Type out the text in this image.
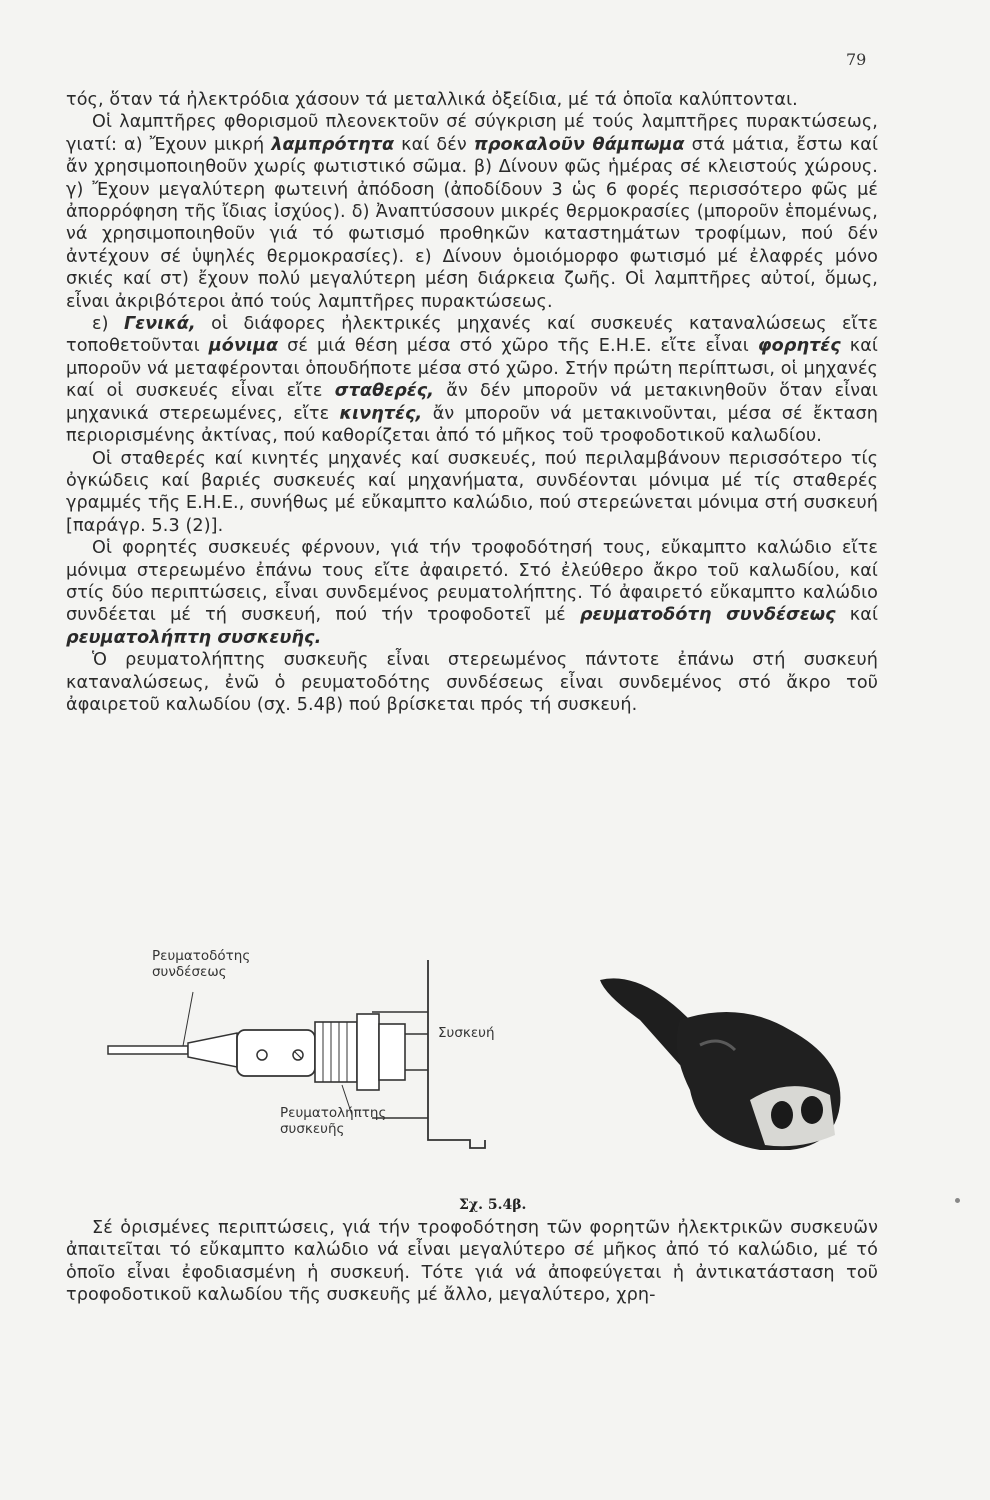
79

τός, ὅταν τά ἠλεκτρόδια χάσουν τά μεταλλικά ὀξείδια, μέ τά ὁποῖα καλύπτονται.

Οἱ λαμπτῆρες φθορισμοῦ πλεονεκτοῦν σέ σύγκριση μέ τούς λαμπτῆρες πυρακτώσεως, γιατί: α) Ἔχουν μικρή λαμπρότητα καί δέν προκαλοῦν θάμπωμα στά μάτια, ἔστω καί ἄν χρησιμοποιηθοῦν χωρίς φωτιστικό σῶμα. β) Δίνουν φῶς ἡμέρας σέ κλειστούς χώρους. γ) Ἔχουν μεγαλύτερη φωτεινή ἀπόδοση (ἀποδίδουν 3 ὡς 6 φορές περισσότερο φῶς μέ ἀπορρόφηση τῆς ἴδιας ἰσχύος). δ) Ἀναπτύσσουν μικρές θερμοκρασίες (μποροῦν ἑπομένως, νά χρησιμοποιηθοῦν γιά τό φωτισμό προθηκῶν καταστημάτων τροφίμων, πού δέν ἀντέχουν σέ ὑψηλές θερμοκρασίες). ε) Δίνουν ὁμοιόμορφο φωτισμό μέ ἐλαφρές μόνο σκιές καί στ) ἔχουν πολύ μεγαλύτερη μέση διάρκεια ζωῆς. Οἱ λαμπτῆρες αὐτοί, ὅμως, εἶναι ἀκριβότεροι ἀπό τούς λαμπτῆρες πυρακτώσεως.

ε) Γενικά, οἱ διάφορες ἠλεκτρικές μηχανές καί συσκευές καταναλώσεως εἴτε τοποθετοῦνται μόνιμα σέ μιά θέση μέσα στό χῶρο τῆς Ε.Η.Ε. εἴτε εἶναι φορητές καί μποροῦν νά μεταφέρονται ὁπουδήποτε μέσα στό χῶρο. Στήν πρώτη περίπτωσι, οἱ μηχανές καί οἱ συσκευές εἶναι εἴτε σταθερές, ἄν δέν μποροῦν νά μετακινηθοῦν ὅταν εἶναι μηχανικά στερεωμένες, εἴτε κινητές, ἄν μποροῦν νά μετακινοῦνται, μέσα σέ ἔκταση περιορισμένης ἀκτίνας, πού καθορίζεται ἀπό τό μῆκος τοῦ τροφοδοτικοῦ καλωδίου.

Οἱ σταθερές καί κινητές μηχανές καί συσκευές, πού περιλαμβάνουν περισσότερο τίς ὀγκώδεις καί βαριές συσκευές καί μηχανήματα, συνδέονται μόνιμα μέ τίς σταθερές γραμμές τῆς Ε.Η.Ε., συνήθως μέ εὔκαμπτο καλώδιο, πού στερεώνεται μόνιμα στή συσκευή [παράγρ. 5.3 (2)].

Οἱ φορητές συσκευές φέρνουν, γιά τήν τροφοδότησή τους, εὔκαμπτο καλώδιο εἴτε μόνιμα στερεωμένο ἐπάνω τους εἴτε ἀφαιρετό. Στό ἐλεύθερο ἄκρο τοῦ καλωδίου, καί στίς δύο περιπτώσεις, εἶναι συνδεμένος ρευματολήπτης. Τό ἀφαιρετό εὔκαμπτο καλώδιο συνδέεται μέ τή συσκευή, πού τήν τροφοδοτεῖ μέ ρευματοδότη συνδέσεως καί ρευματολήπτη συσκευῆς.

Ὁ ρευματολήπτης συσκευῆς εἶναι στερεωμένος πάντοτε ἐπάνω στή συσκευή καταναλώσεως, ἐνῶ ὁ ρευματοδότης συνδέσεως εἶναι συνδεμένος στό ἄκρο τοῦ ἀφαιρετοῦ καλωδίου (σχ. 5.4β) πού βρίσκεται πρός τή συσκευή.

Ρευματοδότης
συνδέσεως
Συσκευή
Ρευματολήπτης
συσκευῆς
Σχ. 5.4β.

Σέ ὁρισμένες περιπτώσεις, γιά τήν τροφοδότηση τῶν φορητῶν ἠλεκτρικῶν συσκευῶν ἀπαιτεῖται τό εὔκαμπτο καλώδιο νά εἶναι μεγαλύτερο σέ μῆκος ἀπό τό καλώδιο, μέ τό ὁποῖο εἶναι ἐφοδιασμένη ἡ συσκευή. Τότε γιά νά ἀποφεύγεται ἡ ἀντικατάσταση τοῦ τροφοδοτικοῦ καλωδίου τῆς συσκευῆς μέ ἄλλο, μεγαλύτερο, χρη-
